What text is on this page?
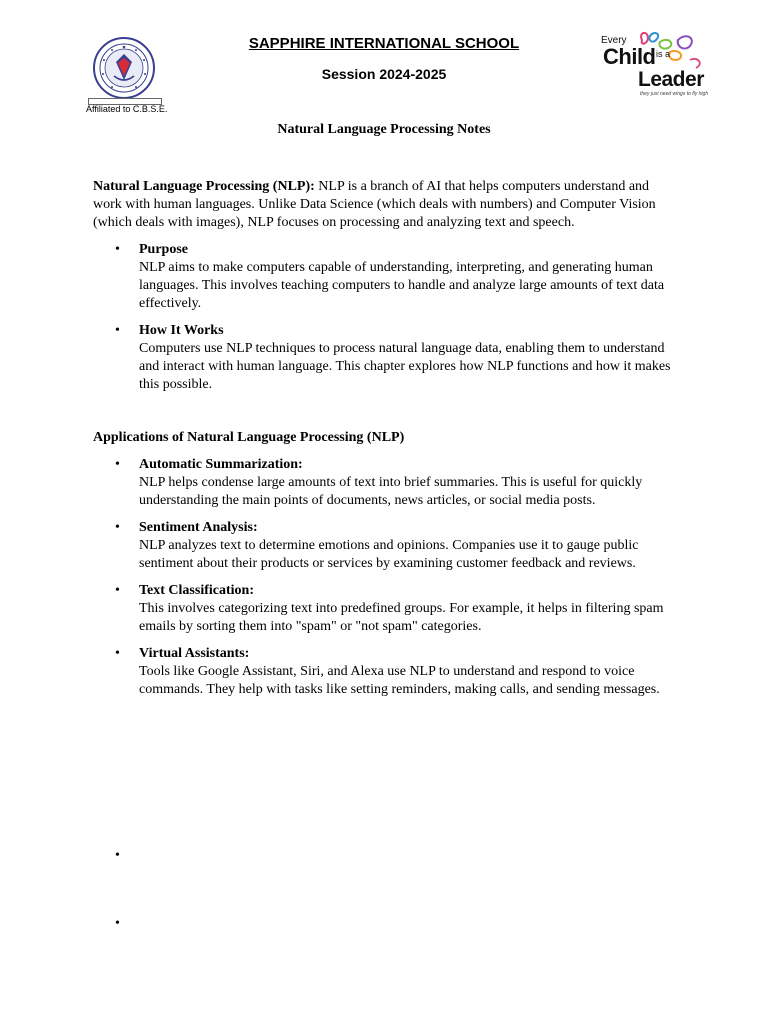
Affiliated to C.B.S.E.
SAPPHIRE INTERNATIONAL SCHOOL
Session 2024-2025
Every
Child is a
Leader
they just need wings to fly high
Natural Language Processing Notes

Natural Language Processing (NLP): NLP is a branch of AI that helps computers understand and work with human languages. Unlike Data Science (which deals with numbers) and Computer Vision (which deals with images), NLP focuses on processing and analyzing text and speech.

• Purpose
NLP aims to make computers capable of understanding, interpreting, and generating human languages. This involves teaching computers to handle and analyze large amounts of text data effectively.
• How It Works
Computers use NLP techniques to process natural language data, enabling them to understand and interact with human language. This chapter explores how NLP functions and how it makes this possible.
Applications of Natural Language Processing (NLP)
• Automatic Summarization:
NLP helps condense large amounts of text into brief summaries. This is useful for quickly understanding the main points of documents, news articles, or social media posts.
• Sentiment Analysis:
NLP analyzes text to determine emotions and opinions. Companies use it to gauge public sentiment about their products or services by examining customer feedback and reviews.
• Text Classification:
This involves categorizing text into predefined groups. For example, it helps in filtering spam emails by sorting them into "spam" or "not spam" categories.
• Virtual Assistants:
Tools like Google Assistant, Siri, and Alexa use NLP to understand and respond to voice commands. They help with tasks like setting reminders, making calls, and sending messages.
•
•
